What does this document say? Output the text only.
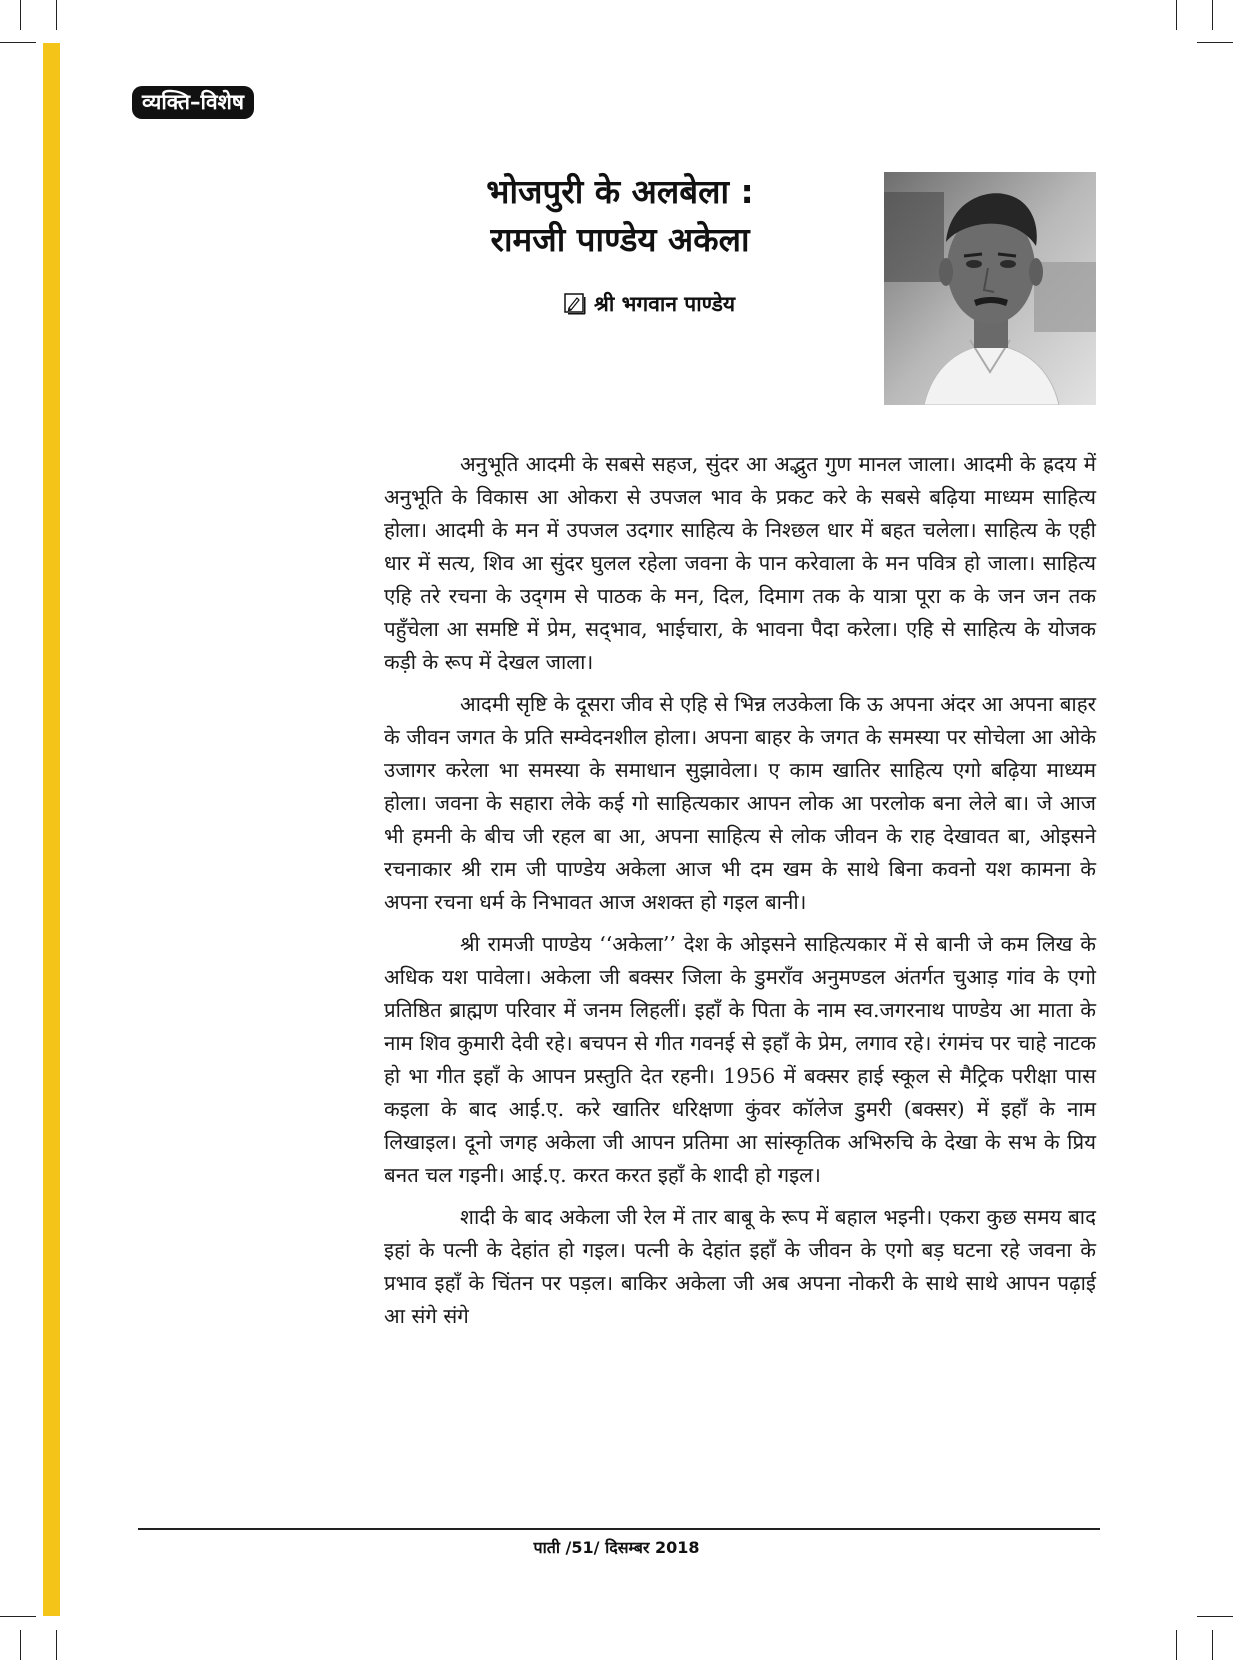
व्यक्ति–विशेष
भोजपुरी के अलबेला :
रामजी पाण्डेय अकेला
श्री भगवान पाण्डेय

अनुभूति आदमी के सबसे सहज, सुंदर आ अद्भुत गुण मानल जाला। आदमी के ह्रदय में अनुभूति के विकास आ ओकरा से उपजल भाव के प्रकट करे के सबसे बढ़िया माध्यम साहित्य होला। आदमी के मन में उपजल उदगार साहित्य के निश्छल धार में बहत चलेला। साहित्य के एही धार में सत्य, शिव आ सुंदर घुलल रहेला जवना के पान करेवाला के मन पवित्र हो जाला। साहित्य एहि तरे रचना के उद्‌गम से पाठक के मन, दिल, दिमाग तक के यात्रा पूरा क के जन जन तक पहुँचेला आ समष्टि में प्रेम, सद्‌भाव, भाईचारा, के भावना पैदा करेला। एहि से साहित्य के योजक कड़ी के रूप में देखल जाला।

आदमी सृष्टि के दूसरा जीव से एहि से भिन्न लउकेला कि ऊ अपना अंदर आ अपना बाहर के जीवन जगत के प्रति सम्वेदनशील होला। अपना बाहर के जगत के समस्या पर सोचेला आ ओके उजागर करेला भा समस्या के समाधान सुझावेला। ए काम खातिर साहित्य एगो बढ़िया माध्यम होला। जवना के सहारा लेके कई गो साहित्यकार आपन लोक आ परलोक बना लेले बा। जे आज भी हमनी के बीच जी रहल बा आ, अपना साहित्य से लोक जीवन के राह देखावत बा, ओइसने रचनाकार श्री राम जी पाण्डेय अकेला आज भी दम खम के साथे बिना कवनो यश कामना के अपना रचना धर्म के निभावत आज अशक्त हो गइल बानी।

श्री रामजी पाण्डेय ‘‘अकेला’’ देश के ओइसने साहित्यकार में से बानी जे कम लिख के अधिक यश पावेला। अकेला जी बक्सर जिला के डुमराँव अनुमण्डल अंतर्गत चुआड़ गांव के एगो प्रतिष्ठित ब्राह्मण परिवार में जनम लिहलीं। इहाँ के पिता के नाम स्व.जगरनाथ पाण्डेय आ माता के नाम शिव कुमारी देवी रहे। बचपन से गीत गवनई से इहाँ के प्रेम, लगाव रहे। रंगमंच पर चाहे नाटक हो भा गीत इहाँ के आपन प्रस्तुति देत रहनी। 1956 में बक्सर हाई स्कूल से मैट्रिक परीक्षा पास कइला के बाद आई.ए. करे खातिर धरिक्षणा कुंवर कॉलेज डुमरी (बक्सर) में इहाँ के नाम लिखाइल। दूनो जगह अकेला जी आपन प्रतिमा आ सांस्कृतिक अभिरुचि के देखा के सभ के प्रिय बनत चल गइनी। आई.ए. करत करत इहाँ के शादी हो गइल।

शादी के बाद अकेला जी रेल में तार बाबू के रूप में बहाल भइनी। एकरा कुछ समय बाद इहां के पत्नी के देहांत हो गइल। पत्नी के देहांत इहाँ के जीवन के एगो बड़ घटना रहे जवना के प्रभाव इहाँ के चिंतन पर पड़ल। बाकिर अकेला जी अब अपना नोकरी के साथे साथे आपन पढ़ाई आ संगे संगे

पाती /51/ दिसम्बर 2018
